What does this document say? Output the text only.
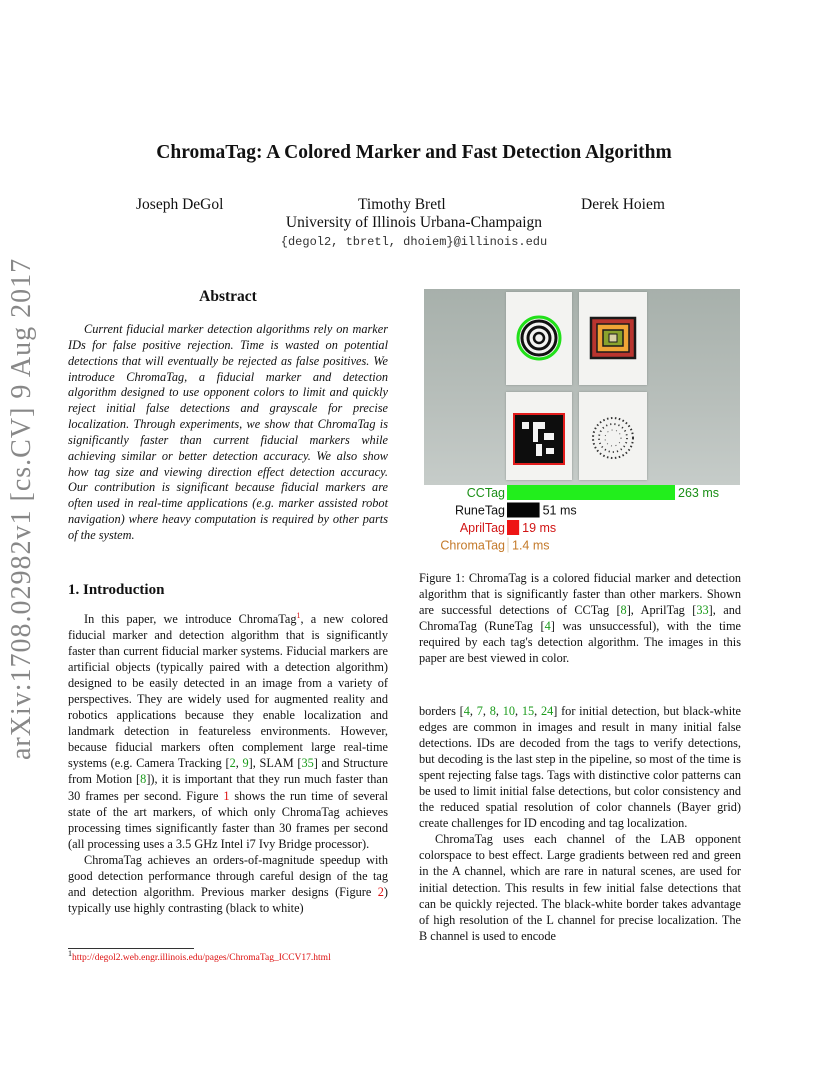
ChromaTag: A Colored Marker and Fast Detection Algorithm
Joseph DeGol	Timothy Bretl	Derek Hoiem
University of Illinois Urbana-Champaign
{degol2, tbretl, dhoiem}@illinois.edu
arXiv:1708.02982v1 [cs.CV] 9 Aug 2017	Abstract
Current fiducial marker detection algorithms rely on marker IDs for false positive rejection. Time is wasted on potential detections that will eventually be rejected as false positives. We introduce ChromaTag, a fiducial marker and detection algorithm designed to use opponent colors to limit and quickly reject initial false detections and grayscale for precise localization. Through experiments, we show that ChromaTag is significantly faster than current fiducial markers while achieving similar or better detection accuracy. We also show how tag size and viewing direction effect detection accuracy. Our contribution is significant because fiducial markers are often used in real-time applications (e.g. marker assisted robot navigation) where heavy computation is required by other parts of the system.
1. Introduction

In this paper, we introduce ChromaTag$^1$, a new colored fiducial marker and detection algorithm that is significantly faster than current fiducial marker systems. Fiducial markers are artificial objects (typically paired with a detection algorithm) designed to be easily detected in an image from a variety of perspectives. They are widely used for augmented reality and robotics applications because they enable localization and landmark detection in featureless environments. However, because fiducial markers often complement large real-time systems (e.g. Camera Tracking [2, 9], SLAM [35] and Structure from Motion [8]), it is important that they run much faster than 30 frames per second. Figure 1 shows the run time of several state of the art markers, of which only ChromaTag achieves processing times significantly faster than 30 frames per second (all processing uses a 3.5 GHz Intel i7 Ivy Bridge processor).

ChromaTag achieves an orders-of-magnitude speedup with good detection performance through careful design of the tag and detection algorithm. Previous marker designs (Figure 2) typically use highly contrasting (black to white)

$^1$http://degol2.web.engr.illinois.edu/pages/ChromaTag_ICCV17.html
CCTag	263 ms
RuneTag	51 ms
AprilTag 19 ms
ChromaTag 1.4 ms
Figure 1: ChromaTag is a colored fiducial marker and detection algorithm that is significantly faster than other markers. Shown are successful detections of CCTag [8], AprilTag [33], and ChromaTag (RuneTag [4] was unsuccessful), with the time required by each tag's detection algorithm. The images in this paper are best viewed in color.

borders [4, 7, 8, 10, 15, 24] for initial detection, but black-white edges are common in images and result in many initial false detections. IDs are decoded from the tags to verify detections, but decoding is the last step in the pipeline, so most of the time is spent rejecting false tags. Tags with distinctive color patterns can be used to limit initial false detections, but color consistency and the reduced spatial resolution of color channels (Bayer grid) create challenges for ID encoding and tag localization.

ChromaTag uses each channel of the LAB opponent colorspace to best effect. Large gradients between red and green in the A channel, which are rare in natural scenes, are used for initial detection. This results in few initial false detections that can be quickly rejected. The black-white border takes advantage of high resolution of the L channel for precise localization. The B channel is used to encode
